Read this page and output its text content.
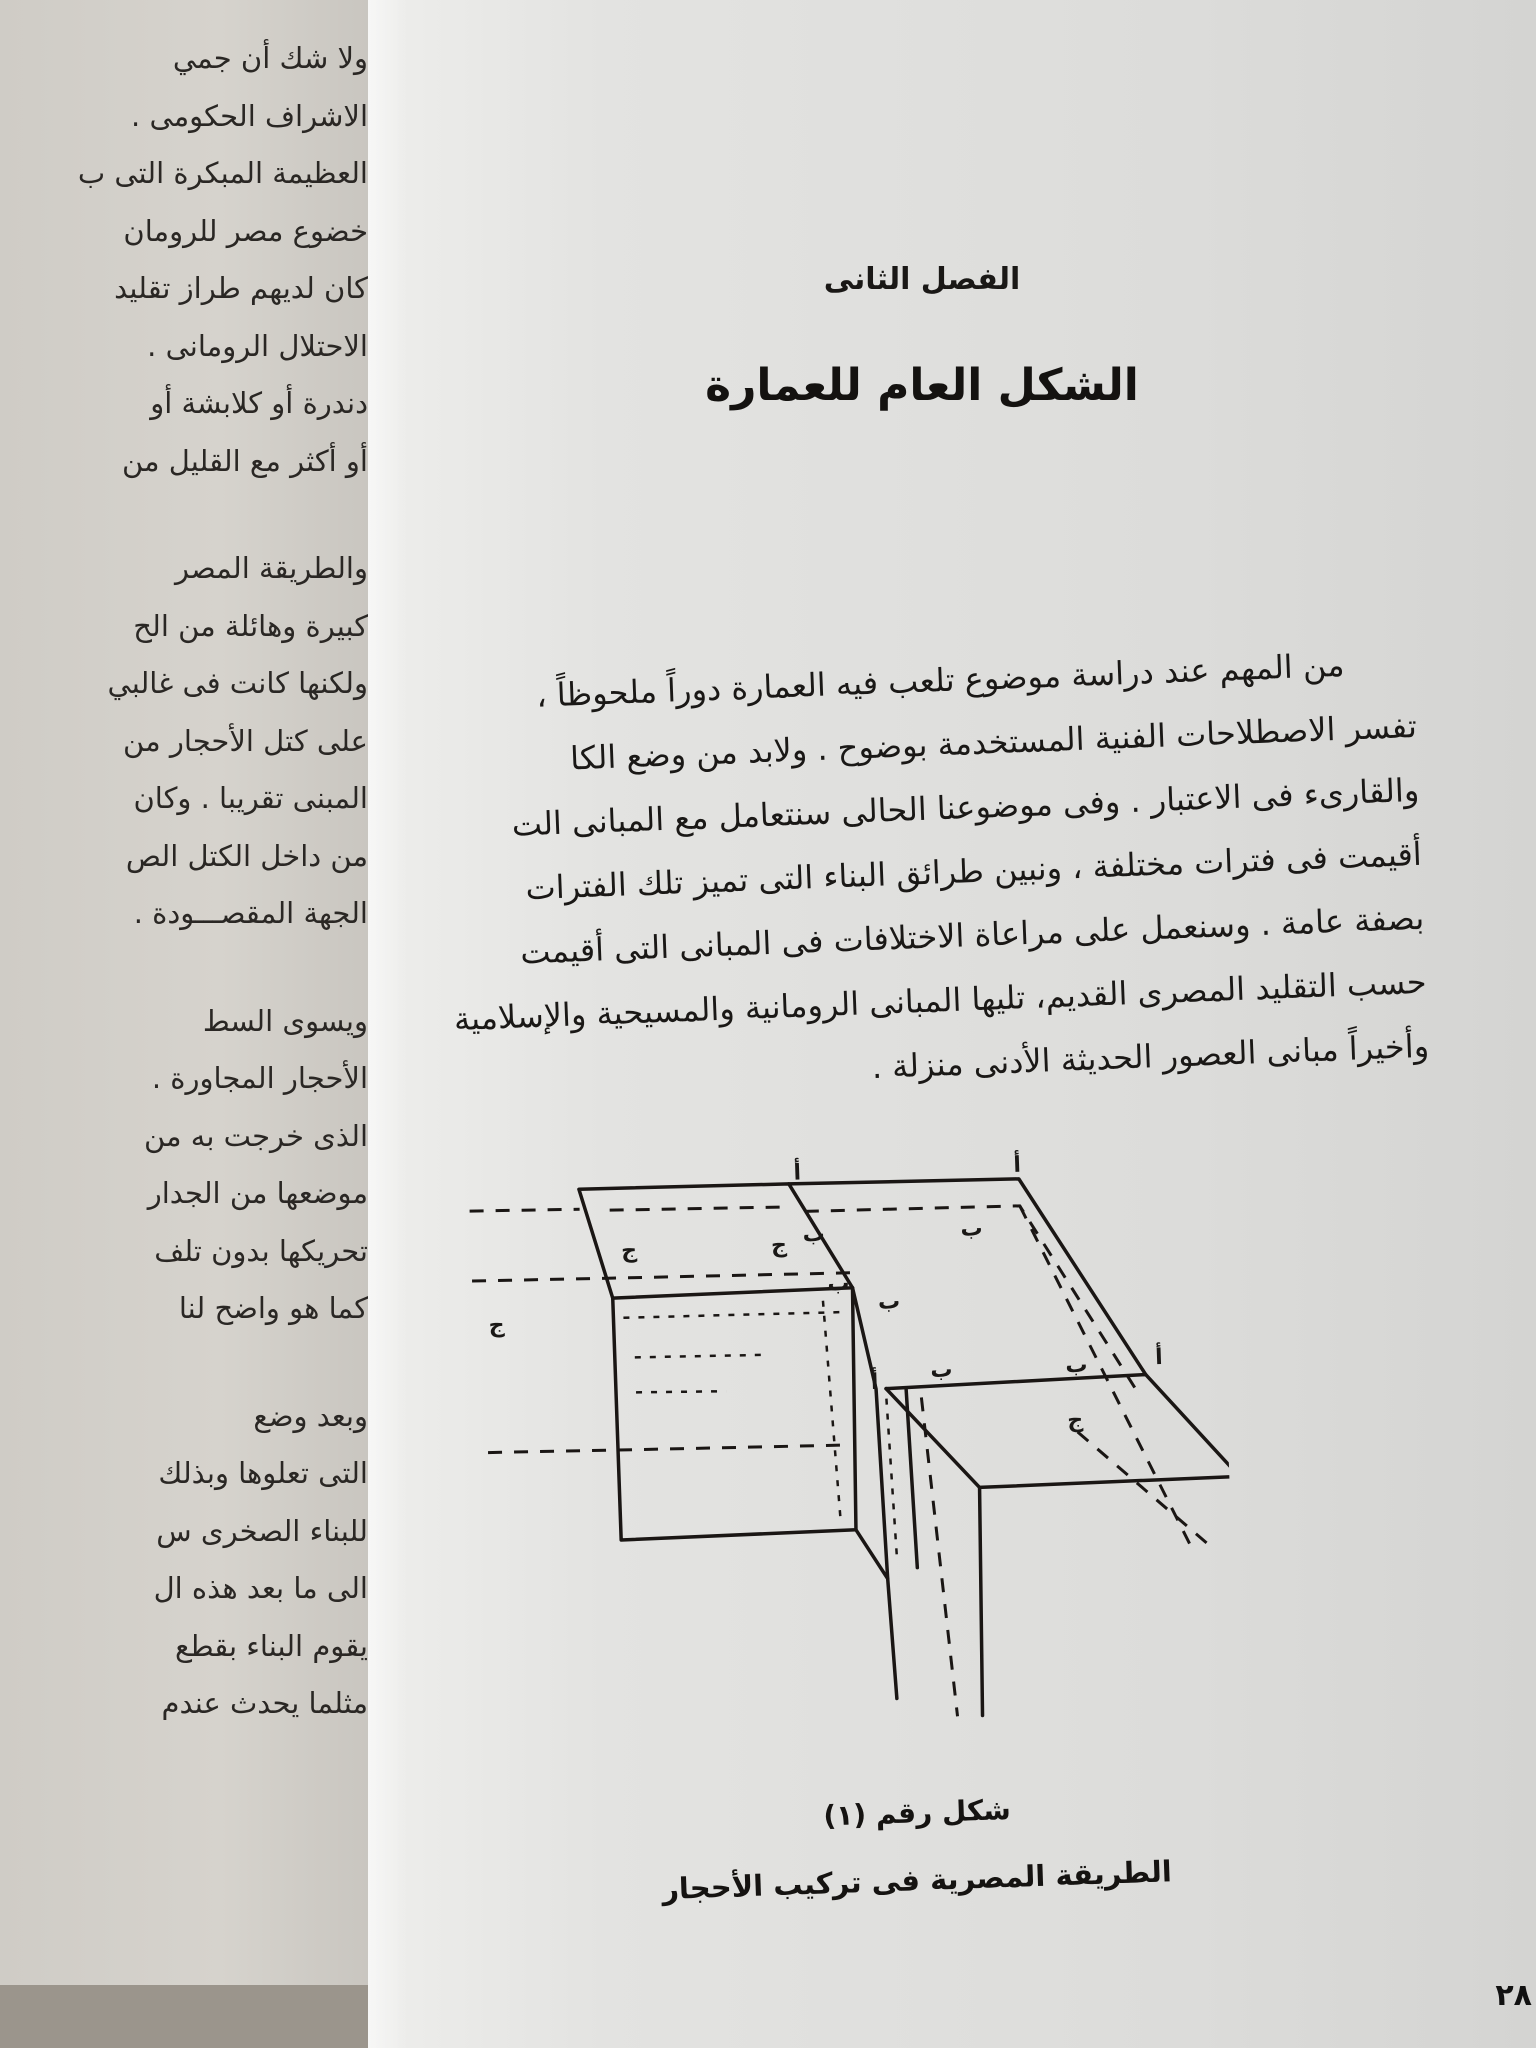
ولا شك أن جمي
الاشراف الحكومى .
العظيمة المبكرة التى ب
خضوع مصر للرومان
كان لديهم طراز تقليد
الاحتلال الرومانى .
دندرة أو كلابشة أو
أو أكثر مع القليل من
والطريقة المصر
كبيرة وهائلة من الح
ولكنها كانت فى غالبي
على كتل الأحجار من
المبنى تقريبا . وكان
من داخل الكتل الص
الجهة المقصـــودة .
ويسوى السط
الأحجار المجاورة .
الذى خرجت به من
موضعها من الجدار
تحريكها بدون تلف
كما هو واضح لنا
وبعد وضع
التى تعلوها وبذلك
للبناء الصخرى س
الى ما بعد هذه ال
يقوم البناء بقطع
مثلما يحدث عندم
الفصل الثانى
الشكل العام للعمارة
من المهم عند دراسة موضوع تلعب فيه العمارة دوراً ملحوظاً ،
تفسر الاصطلاحات الفنية المستخدمة بوضوح . ولابد من وضع الكا
والقارىء فى الاعتبار . وفى موضوعنا الحالى سنتعامل مع المبانى الت
أقيمت فى فترات مختلفة ، ونبين طرائق البناء التى تميز تلك الفترات
بصفة عامة . وسنعمل على مراعاة الاختلافات فى المبانى التى أقيمت
حسب التقليد المصرى القديم، تليها المبانى الرومانية والمسيحية والإسلامية
وأخيراً مبانى العصور الحديثة الأدنى منزلة .
أ	أ
أ
أ
ب	ب
ب
ب
ب	ب
ج	ج
ج
ج
شكل رقم (١)
الطريقة المصرية فى تركيب الأحجار
٢٨
